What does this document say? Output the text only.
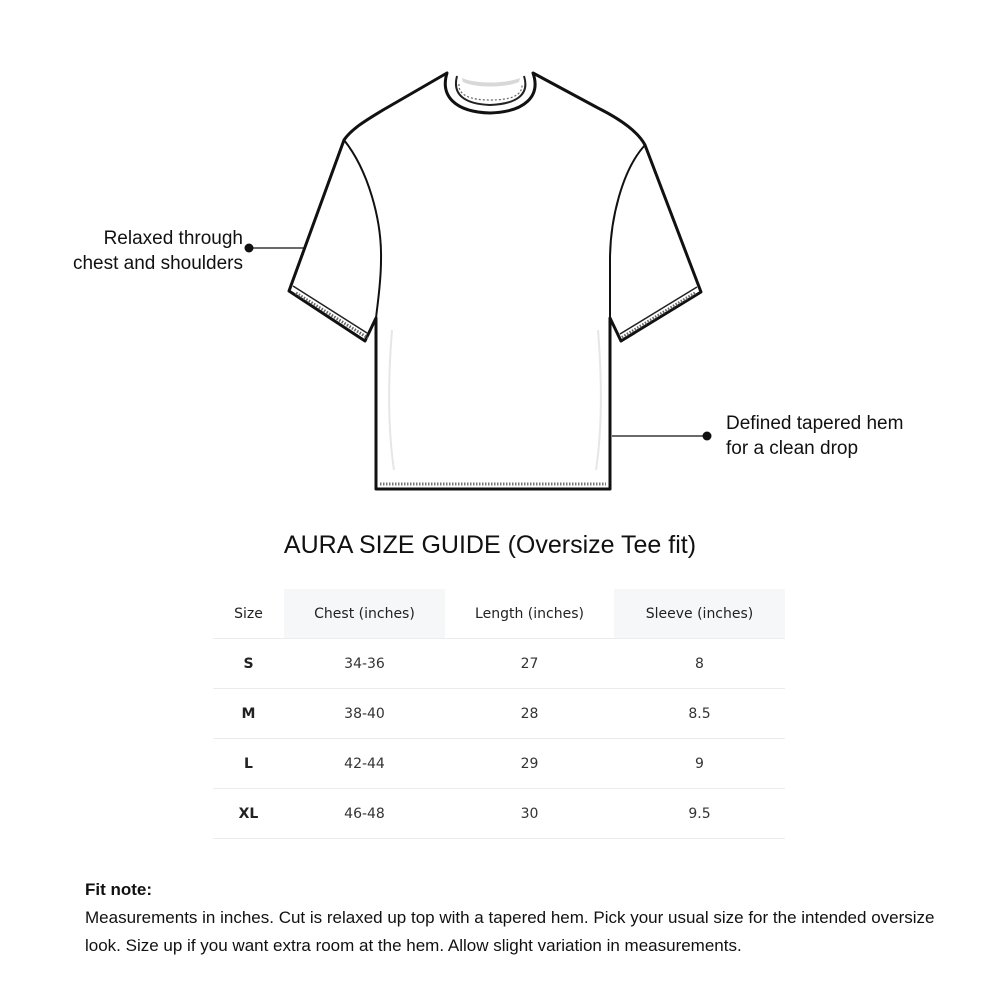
Relaxed through
chest and shoulders
Defined tapered hem
for a clean drop
AURA SIZE GUIDE (Oversize Tee fit)
Size	Chest (inches)	Length (inches)	Sleeve (inches)
S	34-36	27	8
M	38-40	28	8.5
L	42-44	29	9
XL	46-48	30	9.5
Fit note:
Measurements in inches. Cut is relaxed up top with a tapered hem. Pick your usual size for the intended oversize look. Size up if you want extra room at the hem. Allow slight variation in measurements.
